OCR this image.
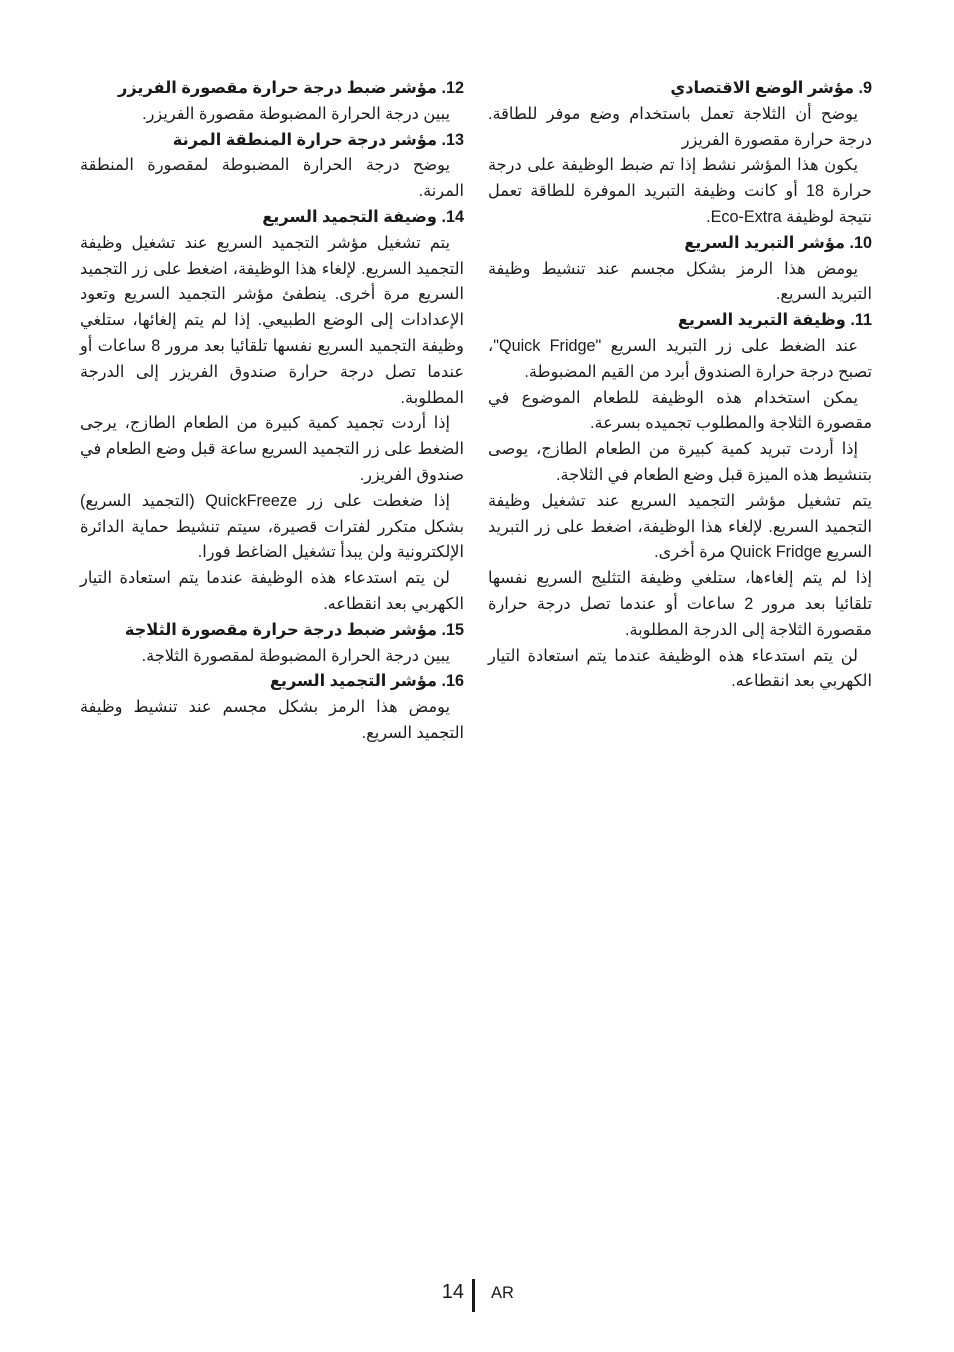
9. مؤشر الوضع الاقتصادي

يوضح أن الثلاجة تعمل باستخدام وضع موفر للطاقة. درجة حرارة مقصورة الفريزر

يكون هذا المؤشر نشط إذا تم ضبط الوظيفة على درجة حرارة 18 أو كانت وظيفة التبريد الموفرة للطاقة تعمل نتيجة لوظيفة Eco-Extra.

10. مؤشر التبريد السريع

يومض هذا الرمز بشكل مجسم عند تنشيط وظيفة التبريد السريع.

11. وظيفة التبريد السريع

عند الضغط على زر التبريد السريع "Quick Fridge"، تصبح درجة حرارة الصندوق أبرد من القيم المضبوطة.

يمكن استخدام هذه الوظيفة للطعام الموضوع في مقصورة الثلاجة والمطلوب تجميده بسرعة.

إذا أردت تبريد كمية كبيرة من الطعام الطازج، يوصى بتنشيط هذه الميزة قبل وضع الطعام في الثلاجة.

يتم تشغيل مؤشر التجميد السريع عند تشغيل وظيفة التجميد السريع. لإلغاء هذا الوظيفة، اضغط على زر التبريد السريع Quick Fridge مرة أخرى.

إذا لم يتم إلغاءها، ستلغي وظيفة التثليج السريع نفسها تلقائيا بعد مرور 2 ساعات أو عندما تصل درجة حرارة مقصورة الثلاجة إلى الدرجة المطلوبة.

لن يتم استدعاء هذه الوظيفة عندما يتم استعادة التيار الكهربي بعد انقطاعه.

12. مؤشر ضبط درجة حرارة مقصورة الفريزر

يبين درجة الحرارة المضبوطة مقصورة الفريزر.

13. مؤشر درجة حرارة المنطقة المرنة

يوضح درجة الحرارة المضبوطة لمقصورة المنطقة المرنة.

14. وضيفة التجميد السريع

يتم تشغيل مؤشر التجميد السريع عند تشغيل وظيفة التجميد السريع. لإلغاء هذا الوظيفة، اضغط على زر التجميد السريع مرة أخرى. ينطفئ مؤشر التجميد السريع وتعود الإعدادات إلى الوضع الطبيعي. إذا لم يتم إلغائها، ستلغي وظيفة التجميد السريع نفسها تلقائيا بعد مرور 8 ساعات أو عندما تصل درجة حرارة صندوق الفريزر إلى الدرجة المطلوبة.

إذا أردت تجميد كمية كبيرة من الطعام الطازج، يرجى الضغط على زر التجميد السريع ساعة قبل وضع الطعام في صندوق الفريزر.

إذا ضغطت على زر QuickFreeze (التجميد السريع) بشكل متكرر لفترات قصيرة، سيتم تنشيط حماية الدائرة الإلكترونية ولن يبدأ تشغيل الضاغط فورا.

لن يتم استدعاء هذه الوظيفة عندما يتم استعادة التيار الكهربي بعد انقطاعه.

15. مؤشر ضبط درجة حرارة مقصورة الثلاجة

يبين درجة الحرارة المضبوطة لمقصورة الثلاجة.

16. مؤشر التجميد السريع

يومض هذا الرمز بشكل مجسم عند تنشيط وظيفة التجميد السريع.

14 AR
